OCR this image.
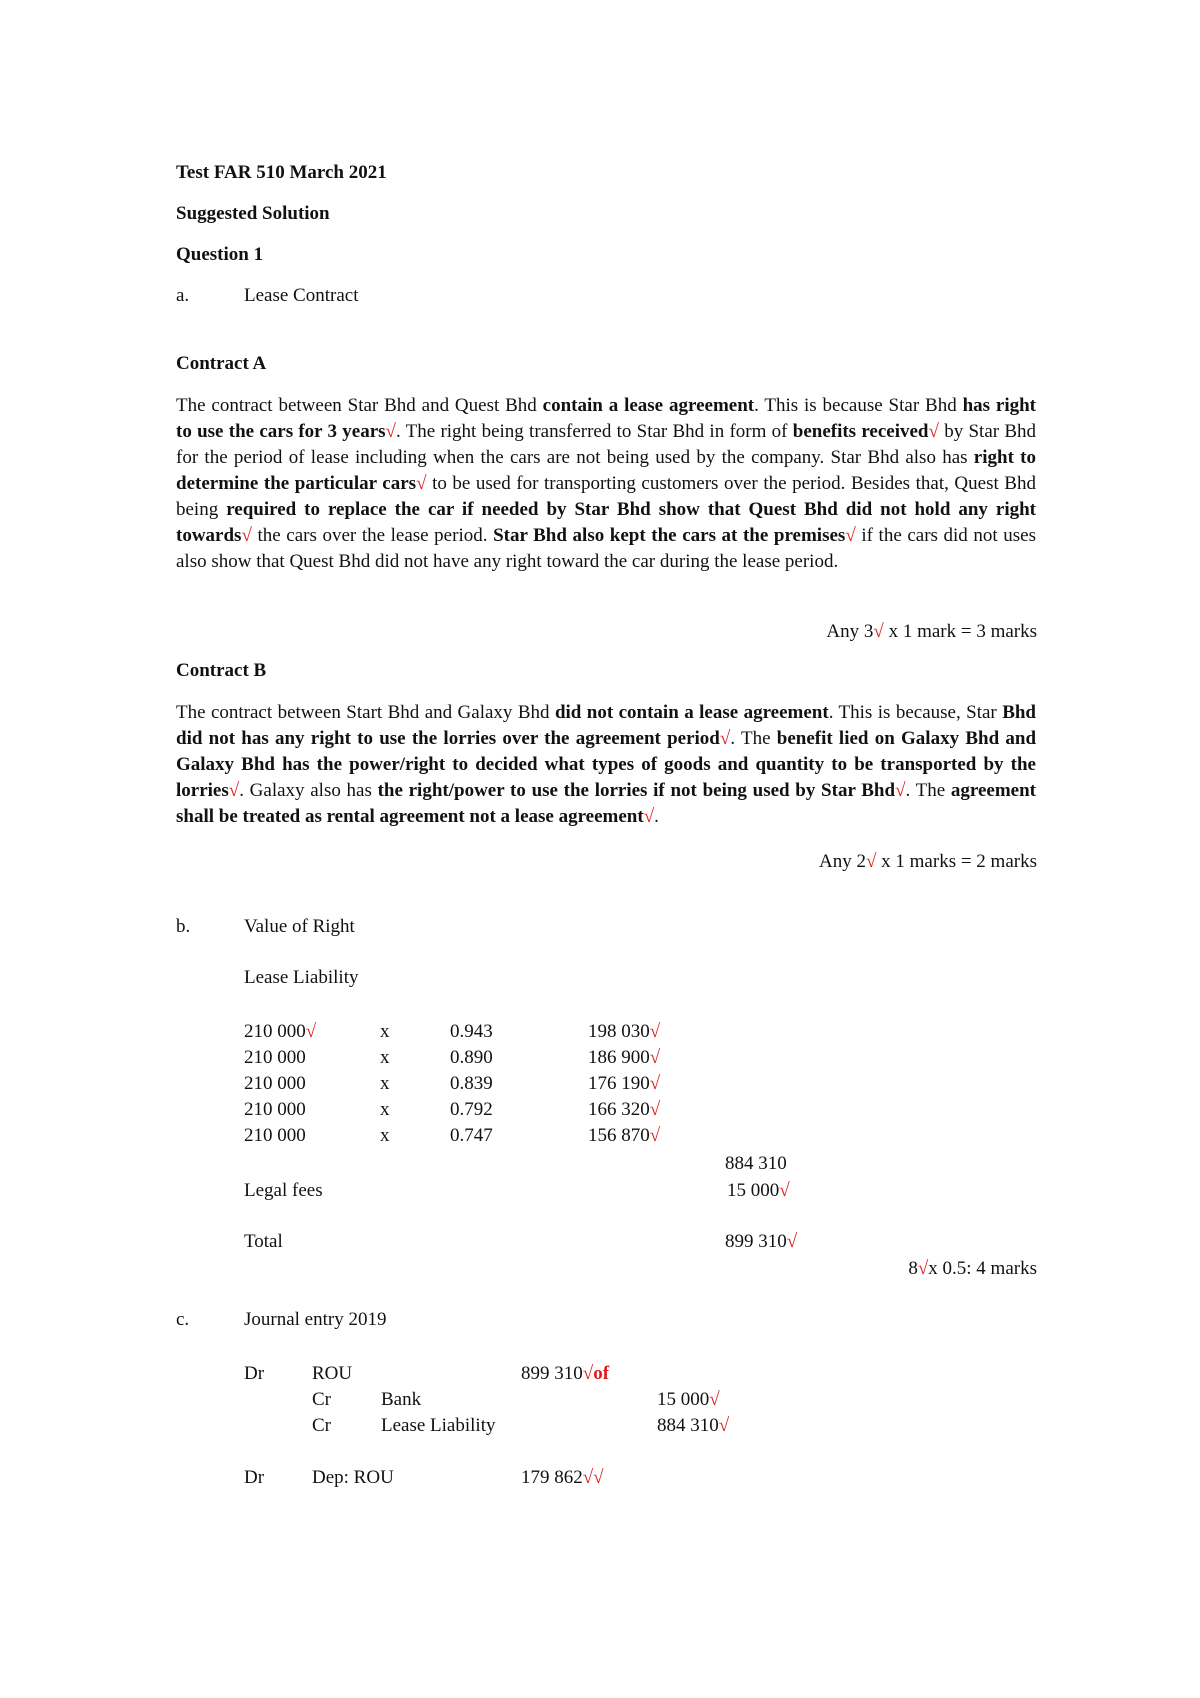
Test FAR 510 March 2021
Suggested Solution
Question 1
a.	Lease Contract
Contract A
The contract between Star Bhd and Quest Bhd contain a lease agreement. This is because Star Bhd has right to use the cars for 3 years√. The right being transferred to Star Bhd in form of benefits received√ by Star Bhd for the period of lease including when the cars are not being used by the company. Star Bhd also has right to determine the particular cars√ to be used for transporting customers over the period. Besides that, Quest Bhd being required to replace the car if needed by Star Bhd show that Quest Bhd did not hold any right towards√ the cars over the lease period. Star Bhd also kept the cars at the premises√ if the cars did not uses also show that Quest Bhd did not have any right toward the car during the lease period.
Any 3√ x 1 mark = 3 marks
Contract B
The contract between Start Bhd and Galaxy Bhd did not contain a lease agreement. This is because, Star Bhd did not has any right to use the lorries over the agreement period√. The benefit lied on Galaxy Bhd and Galaxy Bhd has the power/right to decided what types of goods and quantity to be transported by the lorries√. Galaxy also has the right/power to use the lorries if not being used by Star Bhd√. The agreement shall be treated as rental agreement not a lease agreement√.
Any 2√ x 1 marks = 2 marks
b.	Value of Right
Lease Liability
210 000√	x	0.943	198 030√
210 000	x	0.890	186 900√
210 000	x	0.839	176 190√
210 000	x	0.792	166 320√
210 000	x	0.747	156 870√
884 310
Legal fees	15 000√
Total	899 310√
8√x 0.5: 4 marks
c.	Journal entry 2019
Dr	ROU	899 310√of
Cr	Bank	15 000√
Cr	Lease Liability	884 310√
Dr	Dep: ROU	179 862√√
